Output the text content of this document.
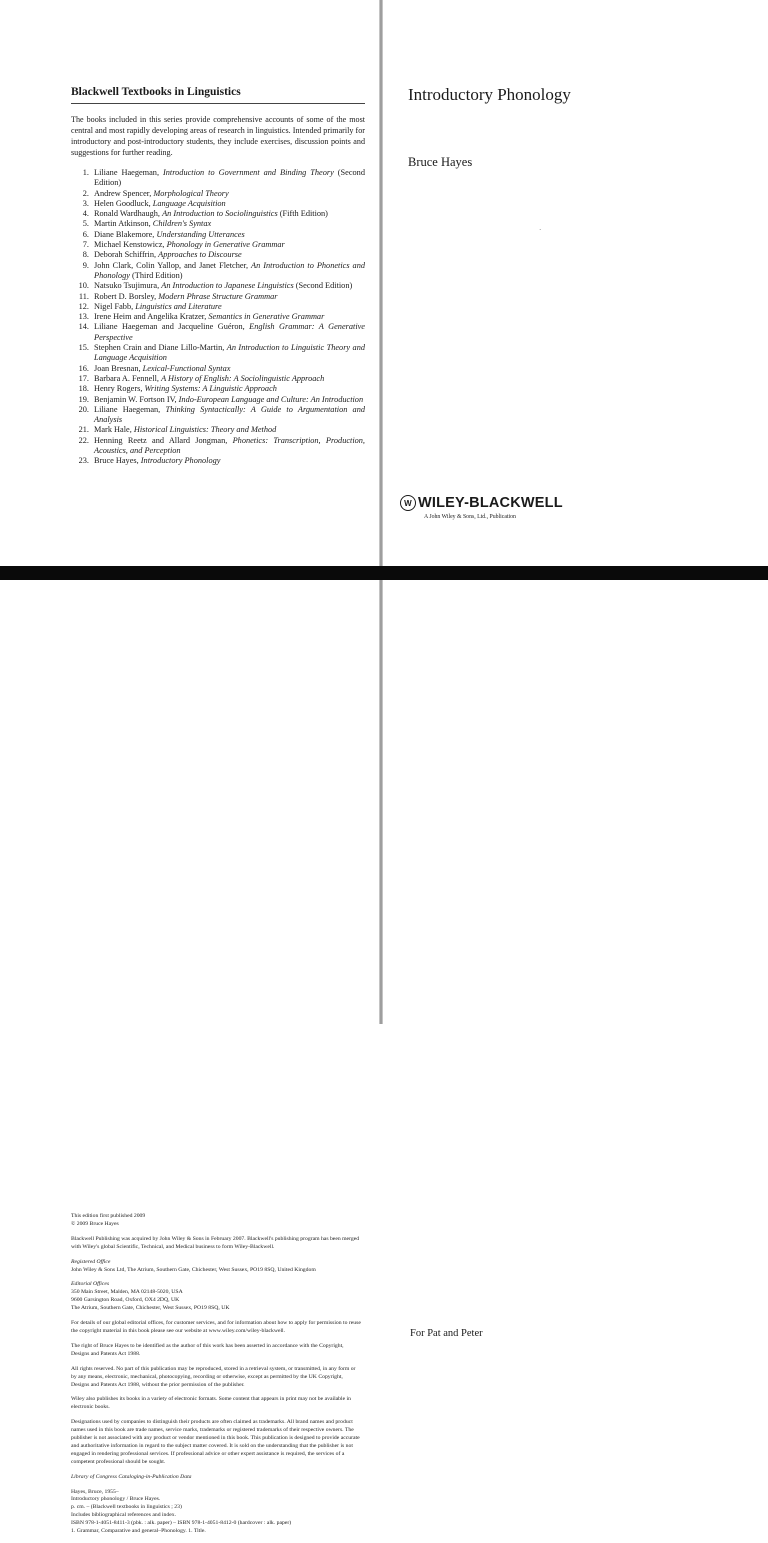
Blackwell Textbooks in Linguistics
The books included in this series provide comprehensive accounts of some of the most central and most rapidly developing areas of research in linguistics. Intended primarily for introductory and post-introductory students, they include exercises, discussion points and suggestions for further reading.
1. Liliane Haegeman, Introduction to Government and Binding Theory (Second Edition)
2. Andrew Spencer, Morphological Theory
3. Helen Goodluck, Language Acquisition
4. Ronald Wardhaugh, An Introduction to Sociolinguistics (Fifth Edition)
5. Martin Atkinson, Children's Syntax
6. Diane Blakemore, Understanding Utterances
7. Michael Kenstowicz, Phonology in Generative Grammar
8. Deborah Schiffrin, Approaches to Discourse
9. John Clark, Colin Yallop, and Janet Fletcher, An Introduction to Phonetics and Phonology (Third Edition)
10. Natsuko Tsujimura, An Introduction to Japanese Linguistics (Second Edition)
11. Robert D. Borsley, Modern Phrase Structure Grammar
12. Nigel Fabb, Linguistics and Literature
13. Irene Heim and Angelika Kratzer, Semantics in Generative Grammar
14. Liliane Haegeman and Jacqueline Guéron, English Grammar: A Generative Perspective
15. Stephen Crain and Diane Lillo-Martin, An Introduction to Linguistic Theory and Language Acquisition
16. Joan Bresnan, Lexical-Functional Syntax
17. Barbara A. Fennell, A History of English: A Sociolinguistic Approach
18. Henry Rogers, Writing Systems: A Linguistic Approach
19. Benjamin W. Fortson IV, Indo-European Language and Culture: An Introduction
20. Liliane Haegeman, Thinking Syntactically: A Guide to Argumentation and Analysis
21. Mark Hale, Historical Linguistics: Theory and Method
22. Henning Reetz and Allard Jongman, Phonetics: Transcription, Production, Acoustics, and Perception
23. Bruce Hayes, Introductory Phonology
Introductory Phonology
Bruce Hayes
·
W WILEY-BLACKWELL
A John Wiley & Sons, Ltd., Publication

This edition first published 2009
© 2009 Bruce Hayes

Blackwell Publishing was acquired by John Wiley & Sons in February 2007. Blackwell's publishing program has been merged with Wiley's global Scientific, Technical, and Medical business to form Wiley-Blackwell.

Registered Office
John Wiley & Sons Ltd, The Atrium, Southern Gate, Chichester, West Sussex, PO19 8SQ, United Kingdom

Editorial Offices
350 Main Street, Malden, MA 02148-5020, USA
9600 Garsington Road, Oxford, OX4 2DQ, UK
The Atrium, Southern Gate, Chichester, West Sussex, PO19 8SQ, UK

For details of our global editorial offices, for customer services, and for information about how to apply for permission to reuse the copyright material in this book please see our website at www.wiley.com/wiley-blackwell.

The right of Bruce Hayes to be identified as the author of this work has been asserted in accordance with the Copyright, Designs and Patents Act 1988.

All rights reserved. No part of this publication may be reproduced, stored in a retrieval system, or transmitted, in any form or by any means, electronic, mechanical, photocopying, recording or otherwise, except as permitted by the UK Copyright, Designs and Patents Act 1988, without the prior permission of the publisher.

Wiley also publishes its books in a variety of electronic formats. Some content that appears in print may not be available in electronic books.

Designations used by companies to distinguish their products are often claimed as trademarks. All brand names and product names used in this book are trade names, service marks, trademarks or registered trademarks of their respective owners. The publisher is not associated with any product or vendor mentioned in this book. This publication is designed to provide accurate and authoritative information in regard to the subject matter covered. It is sold on the understanding that the publisher is not engaged in rendering professional services. If professional advice or other expert assistance is required, the services of a competent professional should be sought.

Library of Congress Cataloging-in-Publication Data

Hayes, Bruce, 1955–
Introductory phonology / Bruce Hayes.
p. cm. – (Blackwell textbooks in linguistics ; 23)
Includes bibliographical references and index.
ISBN 978-1-4051-8411-3 (pbk. : alk. paper) – ISBN 978-1-4051-8412-0 (hardcover : alk. paper)
1. Grammar, Comparative and general–Phonology. 1. Title.

For Pat and Peter
